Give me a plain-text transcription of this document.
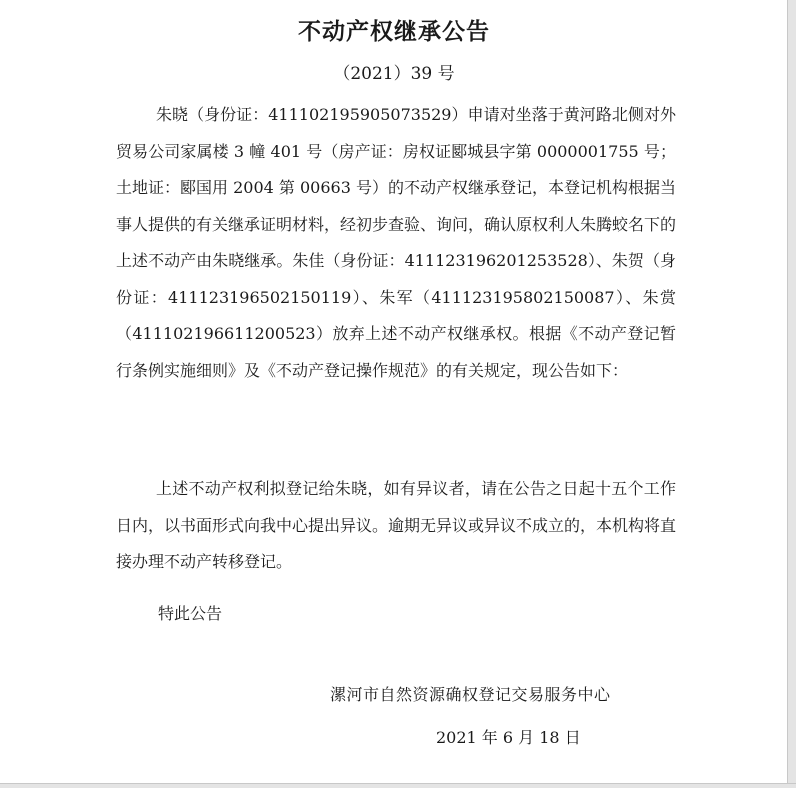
不动产权继承公告
（2021）39 号

朱晓（身份证：411102195905073529）申请对坐落于黄河路北侧对外贸易公司家属楼 3 幢 401 号（房产证：房权证郾城县字第 0000001755 号；土地证：郾国用 2004 第 00663 号）的不动产权继承登记，本登记机构根据当事人提供的有关继承证明材料，经初步查验、询问，确认原权利人朱腾蛟名下的上述不动产由朱晓继承。朱佳（身份证：411123196201253528）、朱贺（身份证：411123196502150119）、朱军（411123195802150087）、朱赏（411102196611200523）放弃上述不动产权继承权。根据《不动产登记暂行条例实施细则》及《不动产登记操作规范》的有关规定，现公告如下：

上述不动产权利拟登记给朱晓，如有异议者，请在公告之日起十五个工作日内，以书面形式向我中心提出异议。逾期无异议或异议不成立的，本机构将直接办理不动产转移登记。

特此公告
漯河市自然资源确权登记交易服务中心
2021 年 6 月 18 日
